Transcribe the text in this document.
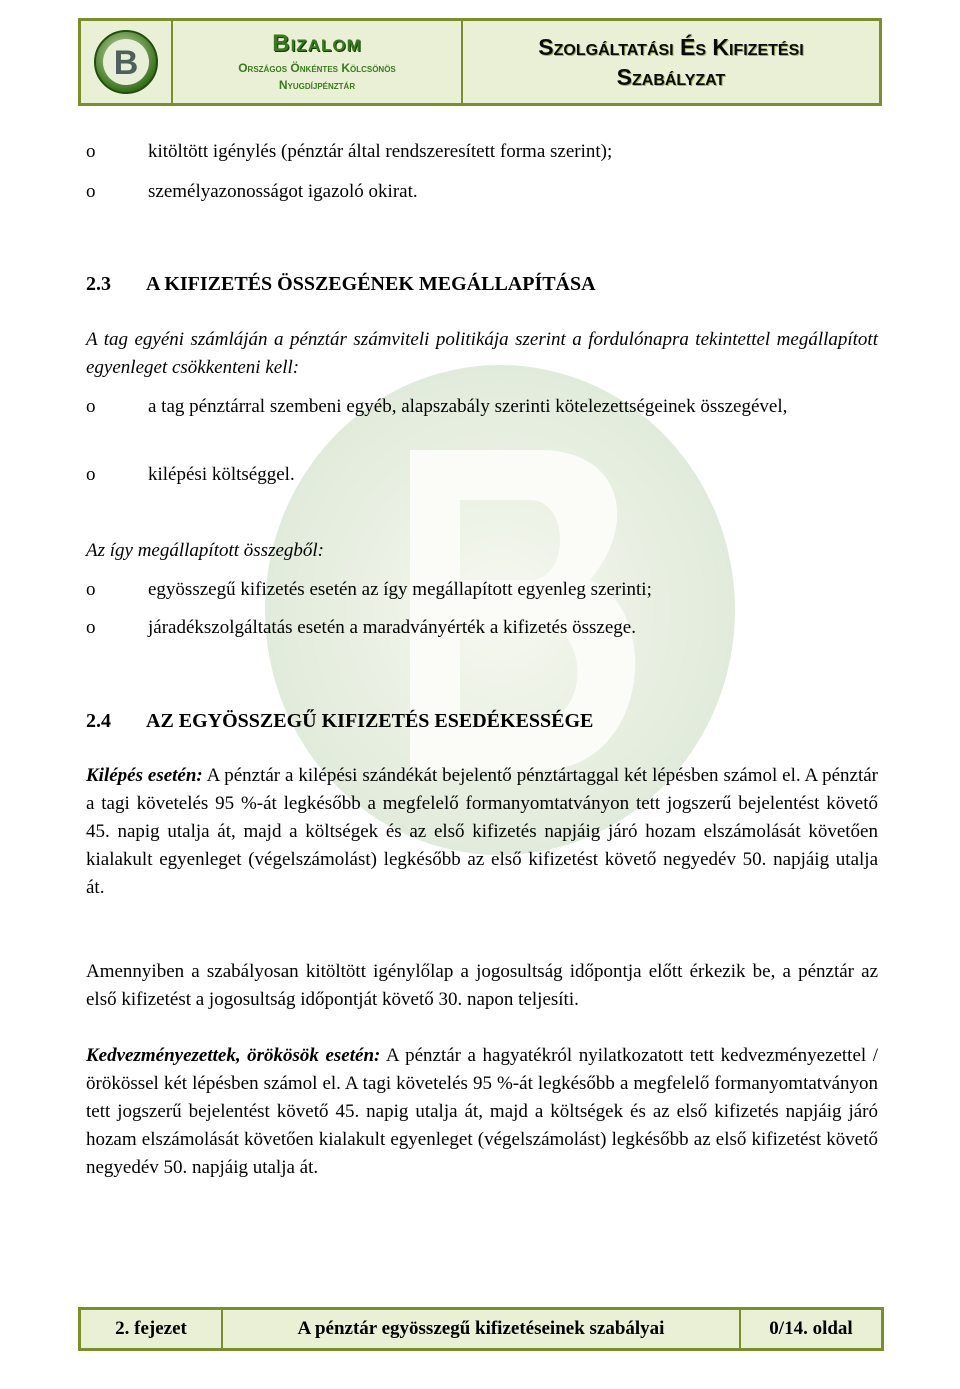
B
Bizalom
Országos Önkéntes Kölcsönös
Nyugdíjpénztár
Szolgáltatási És Kifizetési
Szabályzat
o	kitöltött igénylés (pénztár által rendszeresített forma szerint);
o	személyazonosságot igazoló okirat.
2.3 A KIFIZETÉS ÖSSZEGÉNEK MEGÁLLAPÍTÁSA
A tag egyéni számláján a pénztár számviteli politikája szerint a fordulónapra tekintettel megállapított egyenleget csökkenteni kell:
o	a tag pénztárral szembeni egyéb, alapszabály szerinti kötelezettségeinek összegével,
o	kilépési költséggel.
Az így megállapított összegből:
o	egyösszegű kifizetés esetén az így megállapított egyenleg szerinti;
o	járadékszolgáltatás esetén a maradványérték a kifizetés összege.
2.4 AZ EGYÖSSZEGŰ KIFIZETÉS ESEDÉKESSÉGE
Kilépés esetén: A pénztár a kilépési szándékát bejelentő pénztártaggal két lépésben számol el. A pénztár a tagi követelés 95 %-át legkésőbb a megfelelő formanyomtatványon tett jogszerű bejelentést követő 45. napig utalja át, majd a költségek és az első kifizetés napjáig járó hozam elszámolását követően kialakult egyenleget (végelszámolást) legkésőbb az első kifizetést követő negyedév 50. napjáig utalja át.
Amennyiben a szabályosan kitöltött igénylőlap a jogosultság időpontja előtt érkezik be, a pénztár az első kifizetést a jogosultság időpontját követő 30. napon teljesíti.
Kedvezményezettek, örökösök esetén: A pénztár a hagyatékról nyilatkozatott tett kedvezményezettel / örökössel két lépésben számol el. A tagi követelés 95 %-át legkésőbb a megfelelő formanyomtatványon tett jogszerű bejelentést követő 45. napig utalja át, majd a költségek és az első kifizetés napjáig járó hozam elszámolását követően kialakult egyenleget (végelszámolást) legkésőbb az első kifizetést követő negyedév 50. napjáig utalja át.
2. fejezet	A pénztár egyösszegű kifizetéseinek szabályai	0/14. oldal
